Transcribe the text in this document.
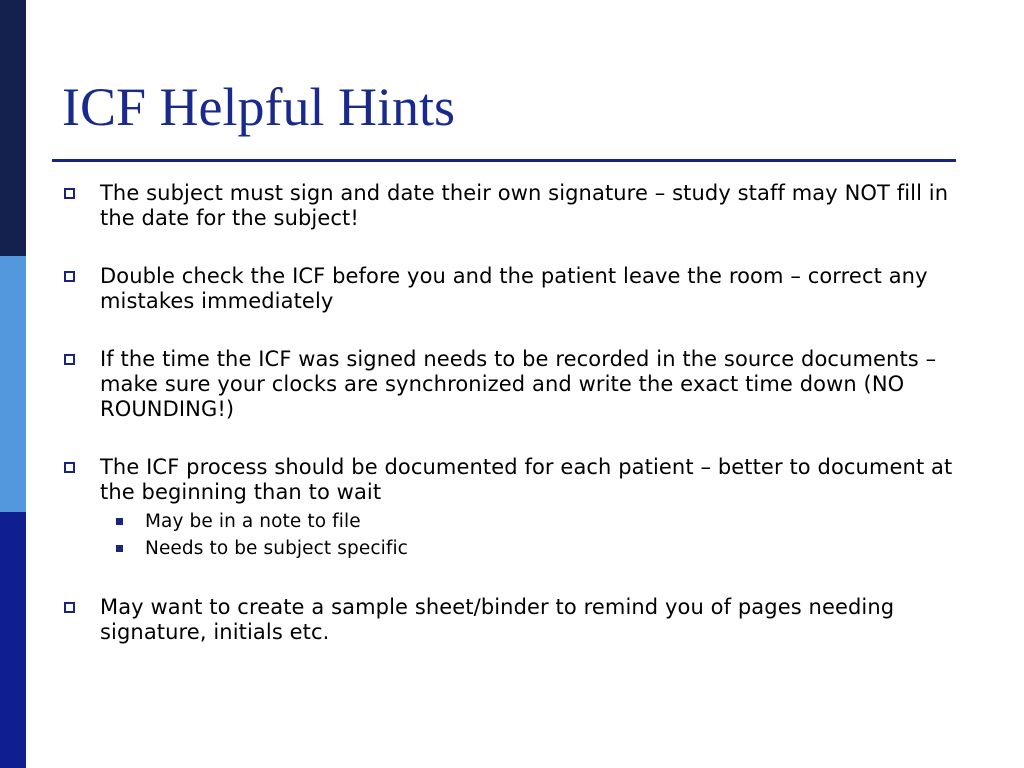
ICF Helpful Hints
The subject must sign and date their own signature – study staff may NOT fill in the date for the subject!
Double check the ICF before you and the patient leave the room – correct any mistakes immediately
If the time the ICF was signed needs to be recorded in the source documents – make sure your clocks are synchronized and write the exact time down (NO ROUNDING!)
The ICF process should be documented for each patient – better to document at the beginning than to wait
May be in a note to file
Needs to be subject specific
May want to create a sample sheet/binder to remind you of pages needing signature, initials etc.
